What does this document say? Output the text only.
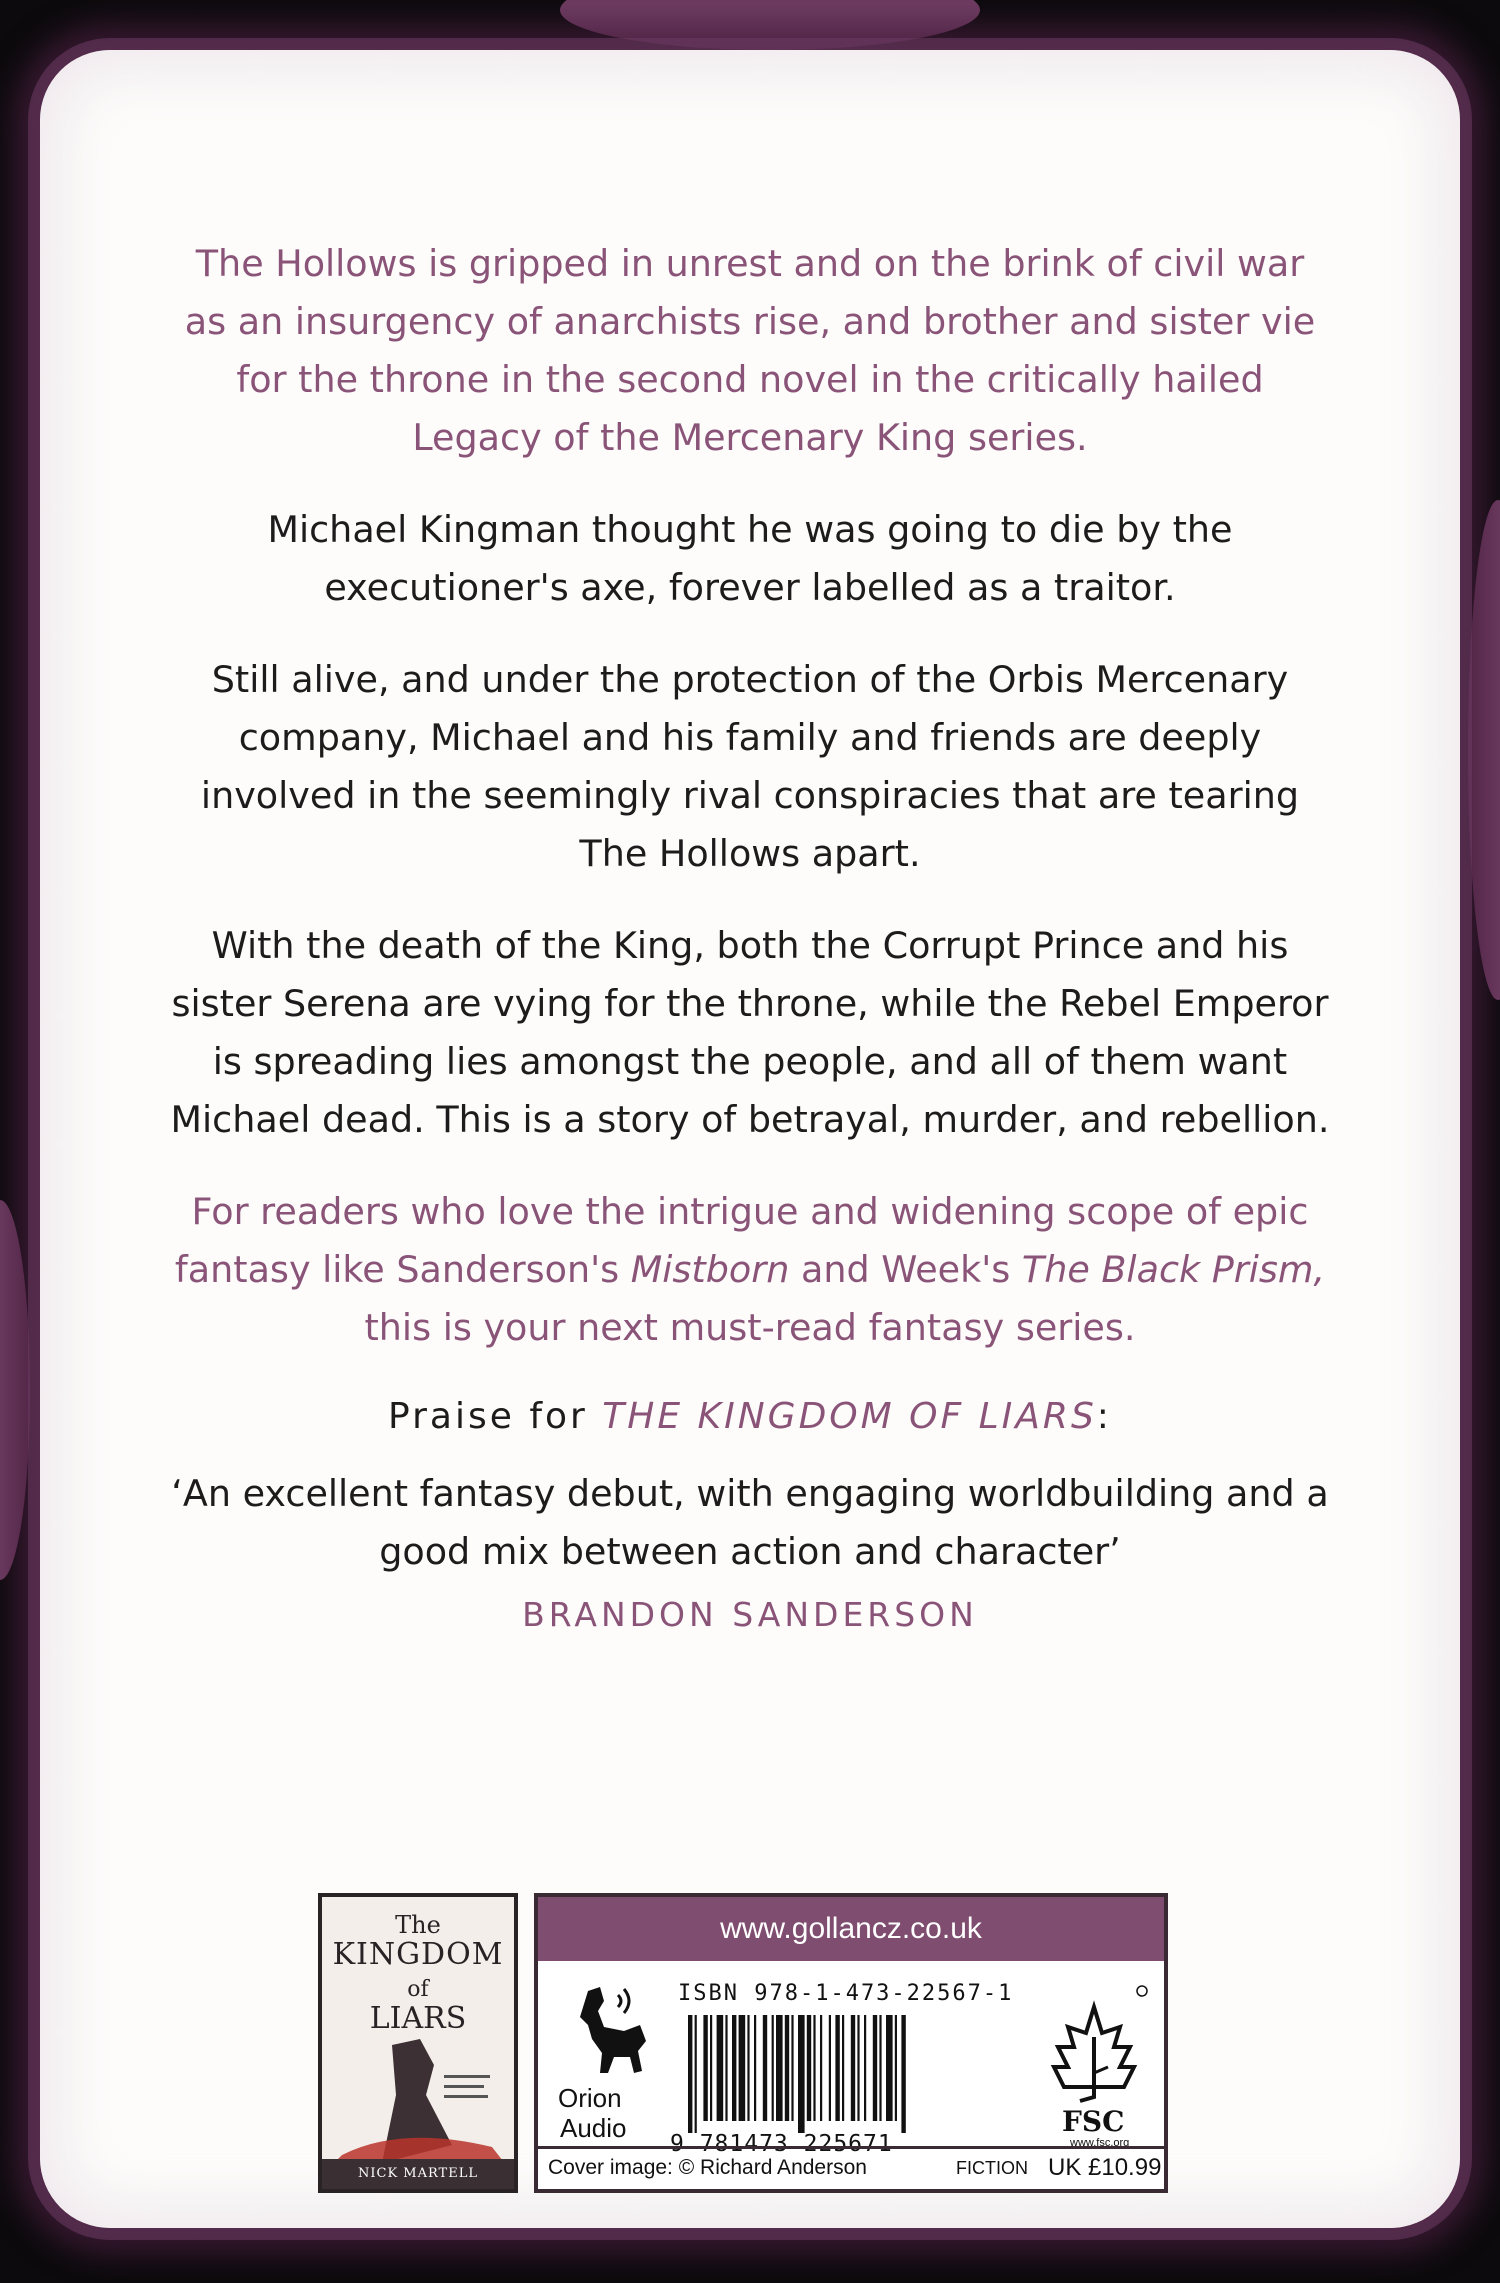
The Hollows is gripped in unrest and on the brink of civil war as an insurgency of anarchists rise, and brother and sister vie for the throne in the second novel in the critically hailed Legacy of the Mercenary King series.

Michael Kingman thought he was going to die by the executioner's axe, forever labelled as a traitor.

Still alive, and under the protection of the Orbis Mercenary company, Michael and his family and friends are deeply involved in the seemingly rival conspiracies that are tearing The Hollows apart.

With the death of the King, both the Corrupt Prince and his sister Serena are vying for the throne, while the Rebel Emperor is spreading lies amongst the people, and all of them want Michael dead. This is a story of betrayal, murder, and rebellion.

For readers who love the intrigue and widening scope of epic fantasy like Sanderson's Mistborn and Week's The Black Prism, this is your next must-read fantasy series.

Praise for THE KINGDOM OF LIARS:

‘An excellent fantasy debut, with engaging worldbuilding and a good mix between action and character’

BRANDON SANDERSON
The
KINGDOM
of
LIARS
NICK MARTELL
www.gollancz.co.uk
Orion
Audio
ISBN 978-1-473-22567-1
9 781473 225671
FSC
www.fsc.org
Cover image: © Richard Anderson	FICTION UK £10.99
